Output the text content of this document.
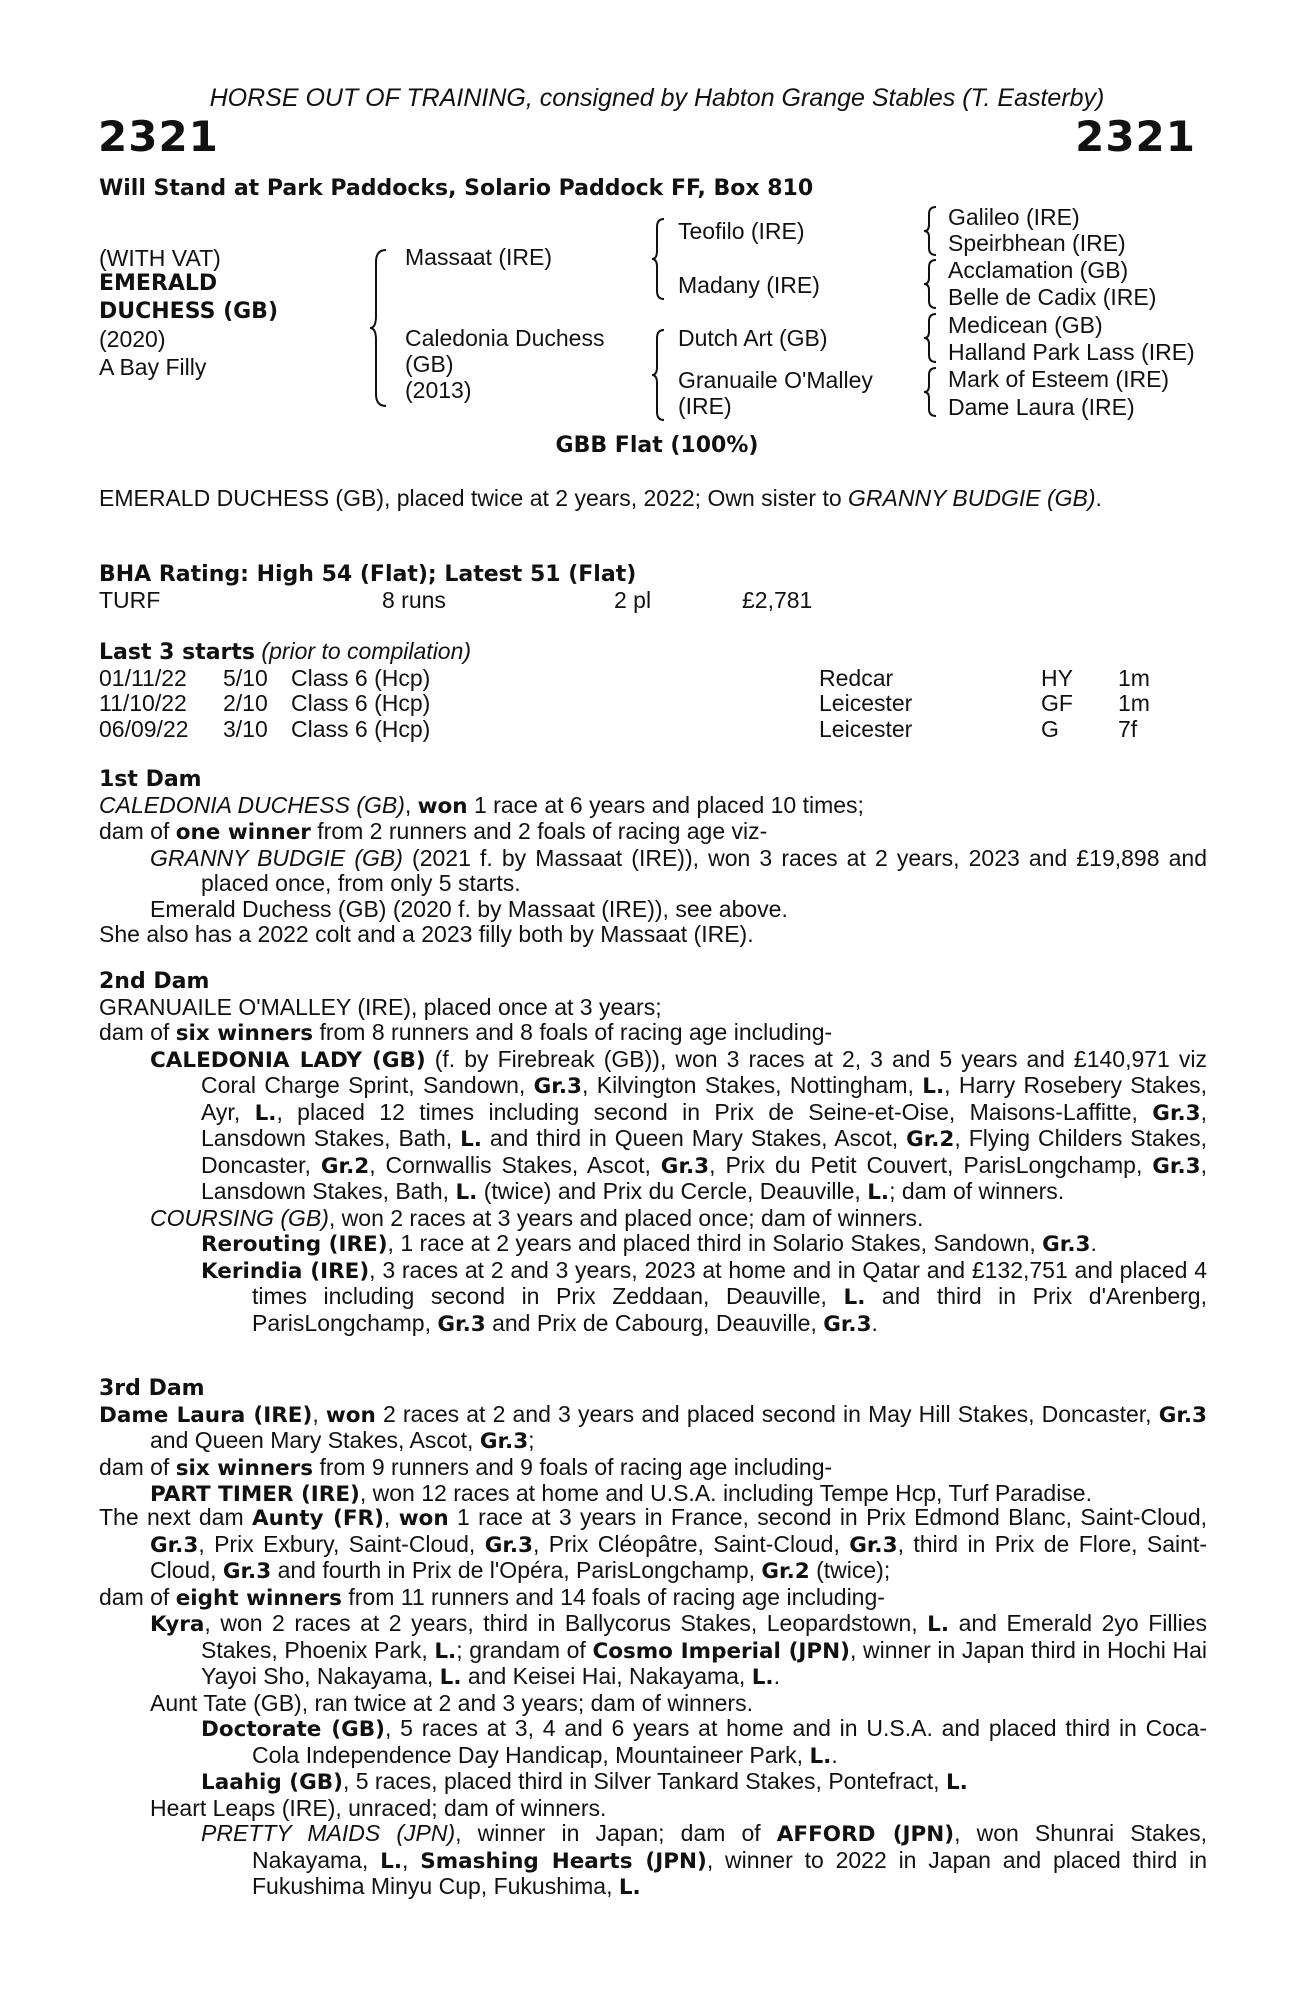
HORSE OUT OF TRAINING, consigned by Habton Grange Stables (T. Easterby)
2321	2321
Will Stand at Park Paddocks, Solario Paddock FF, Box 810
(WITH VAT)
EMERALD
DUCHESS (GB)
(2020)
A Bay Filly
Massaat (IRE)
Caledonia Duchess
(GB)
(2013)
Teofilo (IRE)
Madany (IRE)
Dutch Art (GB)
Granuaile O'Malley
(IRE)
Galileo (IRE)
Speirbhean (IRE)
Acclamation (GB)
Belle de Cadix (IRE)
Medicean (GB)
Halland Park Lass (IRE)
Mark of Esteem (IRE)
Dame Laura (IRE)
GBB Flat (100%)

EMERALD DUCHESS (GB), placed twice at 2 years, 2022; Own sister to GRANNY BUDGIE (GB).

BHA Rating: High 54 (Flat); Latest 51 (Flat)

TURF	8 runs	2 pl	£2,781

Last 3 starts (prior to compilation)

01/11/22 5/10 Class 6 (Hcp)	Redcar	HY 1m
11/10/22 2/10 Class 6 (Hcp)	Leicester	GF 1m
06/09/22 3/10 Class 6 (Hcp)	Leicester	G	7f

1st Dam

CALEDONIA DUCHESS (GB), won 1 race at 6 years and placed 10 times;

dam of one winner from 2 runners and 2 foals of racing age viz-

GRANNY BUDGIE (GB) (2021 f. by Massaat (IRE)), won 3 races at 2 years, 2023 and £19,898 and placed once, from only 5 starts.

Emerald Duchess (GB) (2020 f. by Massaat (IRE)), see above.

She also has a 2022 colt and a 2023 filly both by Massaat (IRE).

2nd Dam

GRANUAILE O'MALLEY (IRE), placed once at 3 years;

dam of six winners from 8 runners and 8 foals of racing age including-

CALEDONIA LADY (GB) (f. by Firebreak (GB)), won 3 races at 2, 3 and 5 years and £140,971 viz Coral Charge Sprint, Sandown, Gr.3, Kilvington Stakes, Nottingham, L., Harry Rosebery Stakes, Ayr, L., placed 12 times including second in Prix de Seine-et-Oise, Maisons-Laffitte, Gr.3, Lansdown Stakes, Bath, L. and third in Queen Mary Stakes, Ascot, Gr.2, Flying Childers Stakes, Doncaster, Gr.2, Cornwallis Stakes, Ascot, Gr.3, Prix du Petit Couvert, ParisLongchamp, Gr.3, Lansdown Stakes, Bath, L. (twice) and Prix du Cercle, Deauville, L.; dam of winners.

COURSING (GB), won 2 races at 3 years and placed once; dam of winners.

Rerouting (IRE), 1 race at 2 years and placed third in Solario Stakes, Sandown, Gr.3.

Kerindia (IRE), 3 races at 2 and 3 years, 2023 at home and in Qatar and £132,751 and placed 4 times including second in Prix Zeddaan, Deauville, L. and third in Prix d'Arenberg, ParisLongchamp, Gr.3 and Prix de Cabourg, Deauville, Gr.3.

3rd Dam

Dame Laura (IRE), won 2 races at 2 and 3 years and placed second in May Hill Stakes, Doncaster, Gr.3 and Queen Mary Stakes, Ascot, Gr.3;

dam of six winners from 9 runners and 9 foals of racing age including-

PART TIMER (IRE), won 12 races at home and U.S.A. including Tempe Hcp, Turf Paradise.

The next dam Aunty (FR), won 1 race at 3 years in France, second in Prix Edmond Blanc, Saint-Cloud, Gr.3, Prix Exbury, Saint-Cloud, Gr.3, Prix Cléopâtre, Saint-Cloud, Gr.3, third in Prix de Flore, Saint-Cloud, Gr.3 and fourth in Prix de l'Opéra, ParisLongchamp, Gr.2 (twice);

dam of eight winners from 11 runners and 14 foals of racing age including-

Kyra, won 2 races at 2 years, third in Ballycorus Stakes, Leopardstown, L. and Emerald 2yo Fillies Stakes, Phoenix Park, L.; grandam of Cosmo Imperial (JPN), winner in Japan third in Hochi Hai Yayoi Sho, Nakayama, L. and Keisei Hai, Nakayama, L..

Aunt Tate (GB), ran twice at 2 and 3 years; dam of winners.

Doctorate (GB), 5 races at 3, 4 and 6 years at home and in U.S.A. and placed third in Coca-Cola Independence Day Handicap, Mountaineer Park, L..

Laahig (GB), 5 races, placed third in Silver Tankard Stakes, Pontefract, L.

Heart Leaps (IRE), unraced; dam of winners.

PRETTY MAIDS (JPN), winner in Japan; dam of AFFORD (JPN), won Shunrai Stakes, Nakayama, L., Smashing Hearts (JPN), winner to 2022 in Japan and placed third in Fukushima Minyu Cup, Fukushima, L.
